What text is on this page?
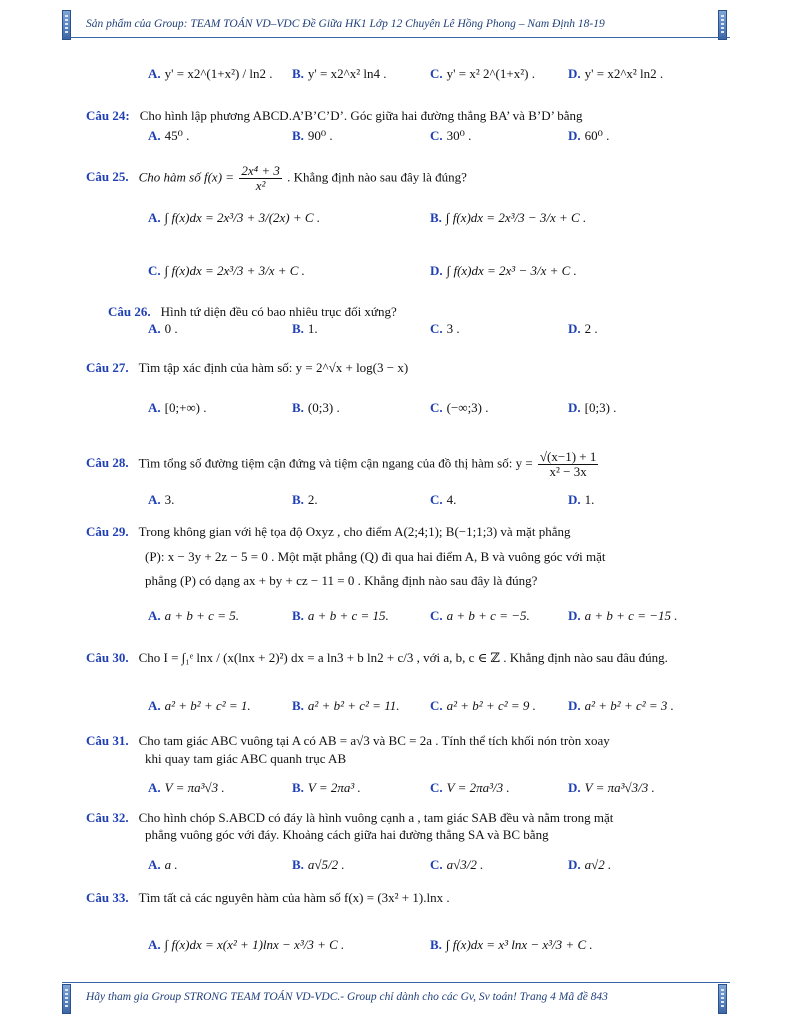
Sản phẩm của Group: TEAM TOÁN VD–VDC Đề Giữa HK1 Lớp 12 Chuyên Lê Hồng Phong – Nam Định 18-19
A. y' = x2^(1+x²) / ln2 . B. y' = x2^x² ln4 .	C. y' = x² 2^(1+x²) .	D. y' = x2^x² ln2 .
Câu 24: Cho hình lập phương ABCD.A’B’C’D’. Góc giữa hai đường thẳng BA’ và B’D’ bằng
A. 45⁰ .	B. 90⁰ .	C. 30⁰ .	D. 60⁰ .
Câu 25. Cho hàm số $f(x) = \frac{\text{2x⁴ + 3}}{\text{x²}}$ . Khẳng định nào sau đây là đúng?
A. ∫ f(x)dx = 2x³/3 + 3/(2x) + C .	B. ∫ f(x)dx = 2x³/3 − 3/x + C .
C. ∫ f(x)dx = 2x³/3 + 3/x + C .	D. ∫ f(x)dx = 2x³ − 3/x + C .
Câu 26. Hình tứ diện đều có bao nhiêu trục đối xứng?
A. 0 .	B. 1.	C. 3 .	D. 2 .
Câu 27. Tìm tập xác định của hàm số: y = 2^√x + log(3 − x)
A. [0;+∞) .	B. (0;3) .	C. (−∞;3) .	D. [0;3) .
Câu 28. Tìm tổng số đường tiệm cận đứng và tiệm cận ngang của đồ thị hàm số: $y = \frac{√(x-1) + 1}{\text{x² − 3x}}$
A. 3.	B. 2.	C. 4.	D. 1.
Câu 29. Trong không gian với hệ tọa độ Oxyz , cho điểm A(2;4;1); B(−1;1;3) và mặt phẳng
(P): x − 3y + 2z − 5 = 0 . Một mặt phẳng (Q) đi qua hai điểm A, B và vuông góc với mặt
phẳng (P) có dạng ax + by + cz − 11 = 0 . Khẳng định nào sau đây là đúng?
A. a + b + c = 5.	B. a + b + c = 15.	C. a + b + c = −5.	D. a + b + c = −15 .
Câu 30. Cho I = ∫₁ᵉ lnx / (x(lnx + 2)²) dx = a ln3 + b ln2 + c/3 , với a, b, c ∈ ℤ . Khẳng định nào sau đâu đúng.
A. a² + b² + c² = 1.	B. a² + b² + c² = 11. C. a² + b² + c² = 9 . D. a² + b² + c² = 3 .
Câu 31. Cho tam giác ABC vuông tại A có AB = a√3 và BC = 2a . Tính thể tích khối nón tròn xoay
khi quay tam giác ABC quanh trục AB
A. V = πa³√3 .	B. V = 2πa³ .	C. V = 2πa³/3 .	D. V = πa³√3/3 .
Câu 32. Cho hình chóp S.ABCD có đáy là hình vuông cạnh a , tam giác SAB đều và nằm trong mặt
phẳng vuông góc với đáy. Khoảng cách giữa hai đường thẳng SA và BC bằng
A. a .	B. a√5/2 .	C. a√3/2 .	D. a√2 .
Câu 33. Tìm tất cả các nguyên hàm của hàm số f(x) = (3x² + 1).lnx .
A. ∫ f(x)dx = x(x² + 1)lnx − x³/3 + C .	B. ∫ f(x)dx = x³ lnx − x³/3 + C .
Hãy tham gia Group STRONG TEAM TOÁN VD-VDC.- Group chỉ dành cho các Gv, Sv toán! Trang 4 Mã đề 843
